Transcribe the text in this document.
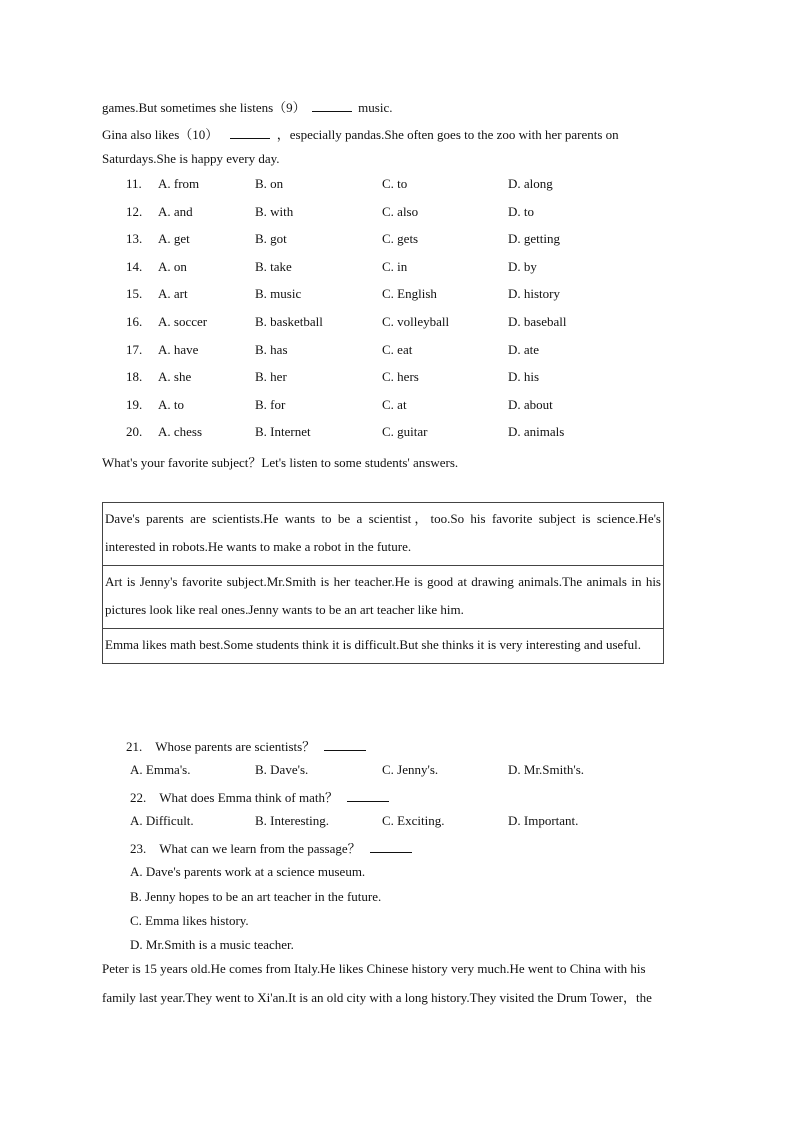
games.But sometimes she listens（9）	music.
Gina also likes（10）	，especially pandas.She often goes to the zoo with her parents on
Saturdays.She is happy every day.
11. A. from	B. on	C. to	D. along
12. A. and	B. with	C. also	D. to
13. A. get	B. got	C. gets	D. getting
14. A. on	B. take	C. in	D. by
15. A. art	B. music	C. English	D. history
16. A. soccer	B. basketball	C. volleyball	D. baseball
17. A. have	B. has	C. eat	D. ate
18. A. she	B. her	C. hers	D. his
19. A. to	B. for	C. at	D. about
20. A. chess	B. Internet	C. guitar	D. animals
What's your favorite subject？Let's listen to some students' answers.
Dave's parents are scientists.He wants to be a scientist，too.So his favorite subject is science.He's interested in robots.He wants to make a robot in the future.
Art is Jenny's favorite subject.Mr.Smith is her teacher.He is good at drawing animals.The animals in his pictures look like real ones.Jenny wants to be an art teacher like him.
Emma likes math best.Some students think it is difficult.But she thinks it is very interesting and useful.
21.　Whose parents are scientists？
A. Emma's.	B. Dave's.	C. Jenny's.	D. Mr.Smith's.
22.　What does Emma think of math？
A. Difficult.	B. Interesting.	C. Exciting.	D. Important.
23.　What can we learn from the passage？
A. Dave's parents work at a science museum.
B. Jenny hopes to be an art teacher in the future.
C. Emma likes history.
D. Mr.Smith is a music teacher.
Peter is 15 years old.He comes from Italy.He likes Chinese history very much.He went to China with his
family last year.They went to Xi'an.It is an old city with a long history.They visited the Drum Tower，the
